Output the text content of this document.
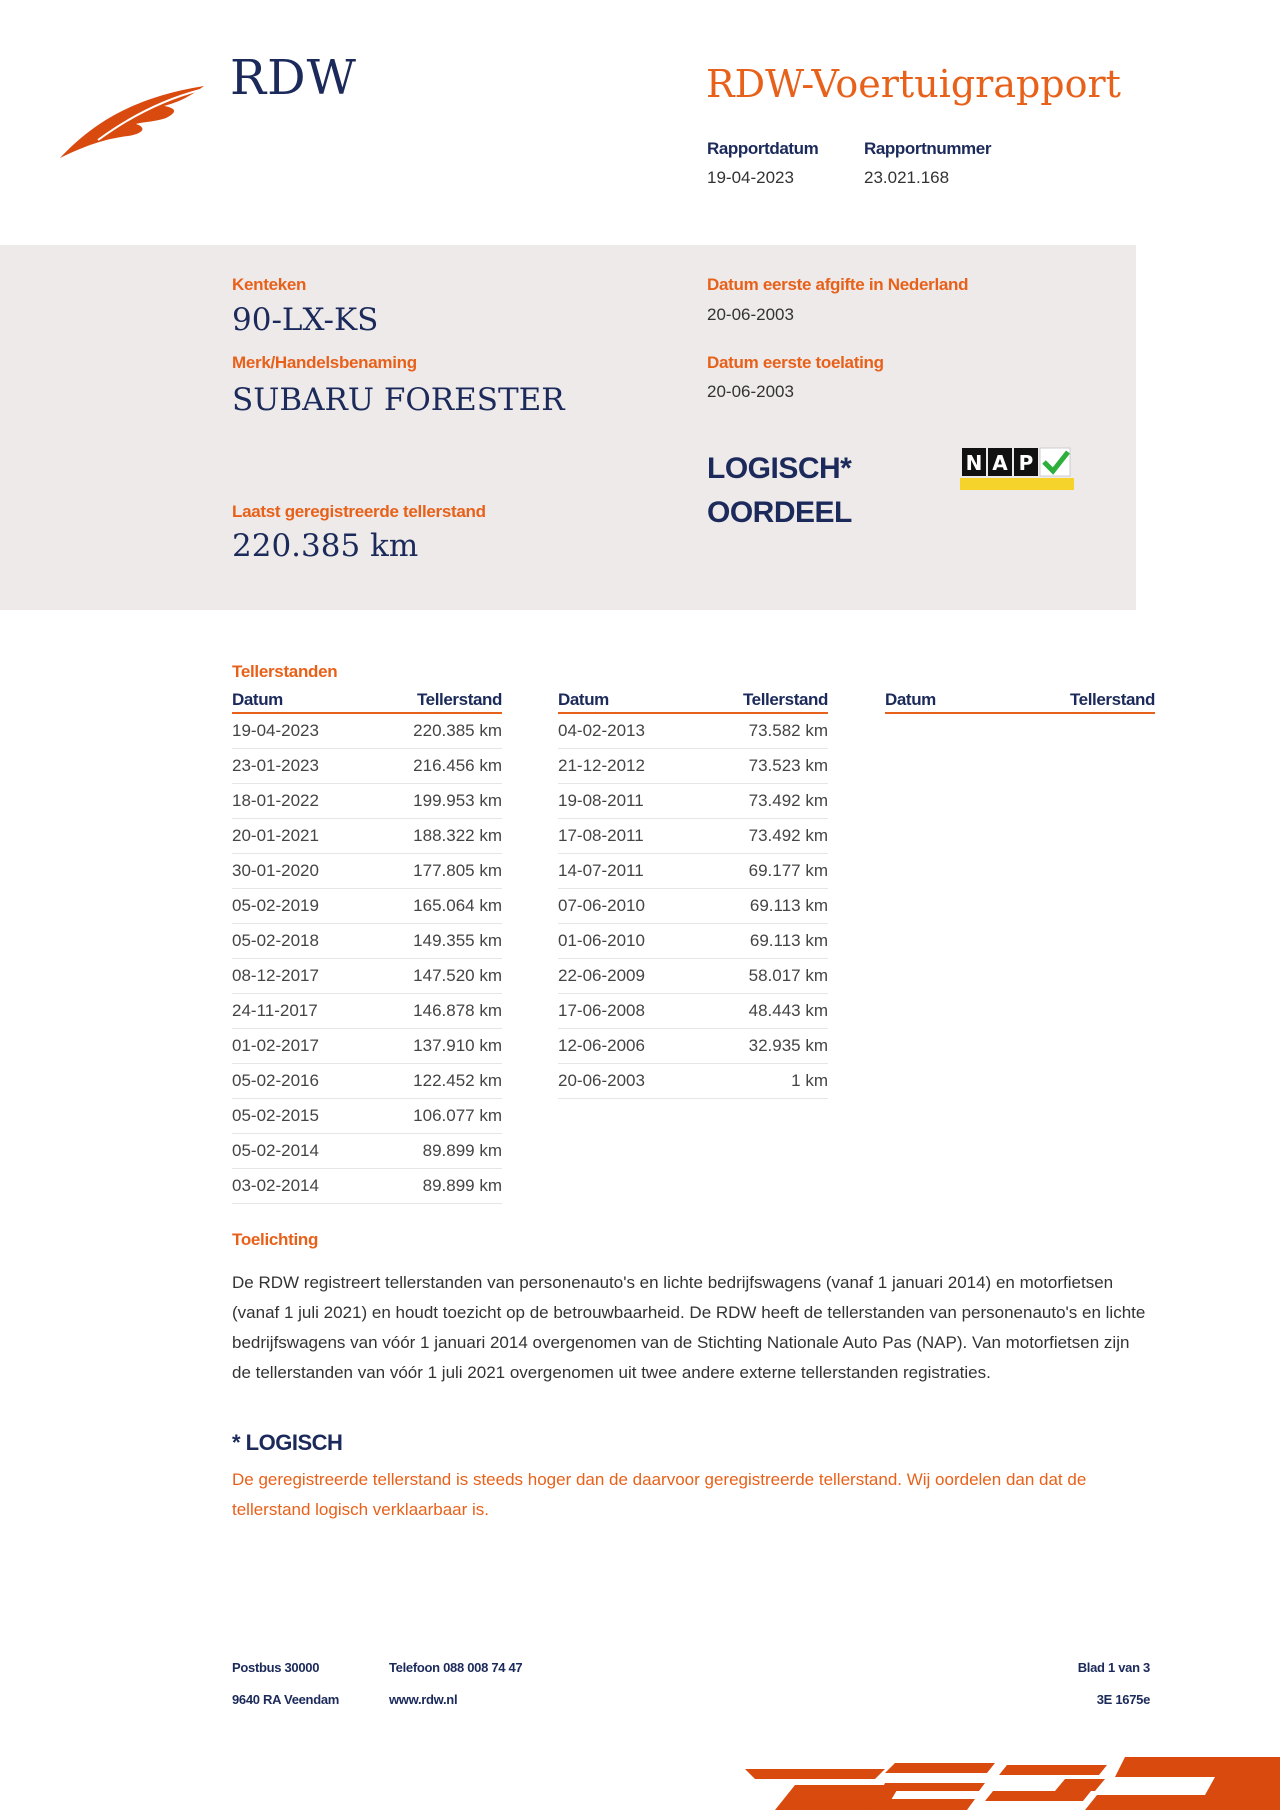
RDW	RDW-Voertuigrapport
Rapportdatum
19-04-2023
Rapportnummer
23.021.168
Kenteken
90-LX-KS
Merk/Handelsbenaming
SUBARU FORESTER
Laatst geregistreerde tellerstand
220.385 km
Datum eerste afgifte in Nederland
20-06-2003
Datum eerste toelating
20-06-2003
LOGISCH*
OORDEEL
N A P
Tellerstanden
Datum	Tellerstand
19-04-2023	220.385 km
23-01-2023	216.456 km
18-01-2022	199.953 km
20-01-2021	188.322 km
30-01-2020	177.805 km
05-02-2019	165.064 km
05-02-2018	149.355 km
08-12-2017	147.520 km
24-11-2017	146.878 km
01-02-2017	137.910 km
05-02-2016	122.452 km
05-02-2015	106.077 km
05-02-2014	89.899 km
03-02-2014	89.899 km
Datum	Tellerstand
04-02-2013	73.582 km
21-12-2012	73.523 km
19-08-2011	73.492 km
17-08-2011	73.492 km
14-07-2011	69.177 km
07-06-2010	69.113 km
01-06-2010	69.113 km
22-06-2009	58.017 km
17-06-2008	48.443 km
12-06-2006	32.935 km
20-06-2003	1 km
Datum	Tellerstand
Toelichting
De RDW registreert tellerstanden van personenauto's en lichte bedrijfswagens (vanaf 1 januari 2014) en motorfietsen (vanaf 1 juli 2021) en houdt toezicht op de betrouwbaarheid. De RDW heeft de tellerstanden van personenauto's en lichte bedrijfswagens van vóór 1 januari 2014 overgenomen van de Stichting Nationale Auto Pas (NAP). Van motorfietsen zijn de tellerstanden van vóór 1 juli 2021 overgenomen uit twee andere externe tellerstanden registraties.
* LOGISCH
De geregistreerde tellerstand is steeds hoger dan de daarvoor geregistreerde tellerstand. Wij oordelen dan dat de tellerstand logisch verklaarbaar is.
Postbus 30000
9640 RA Veendam
Telefoon 088 008 74 47
www.rdw.nl
Blad 1 van 3
3E 1675e
